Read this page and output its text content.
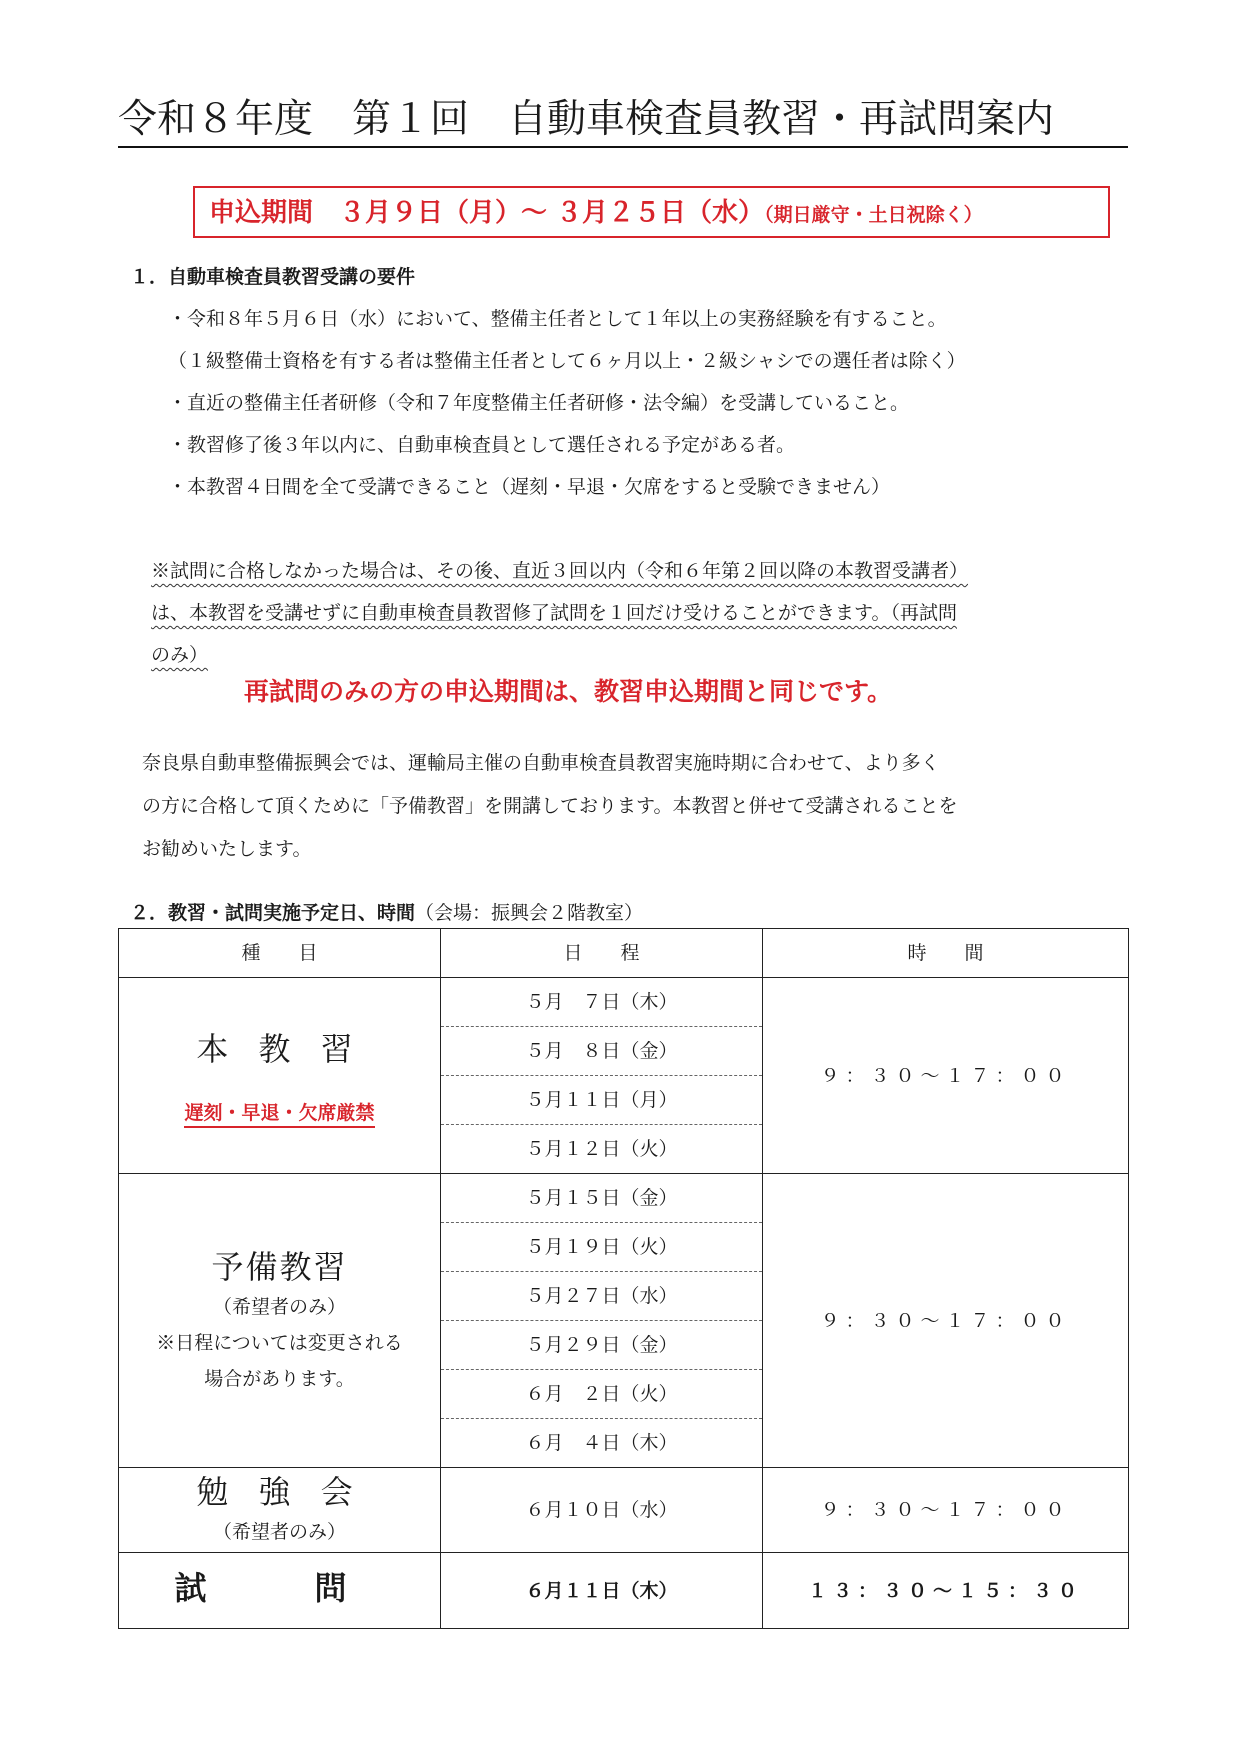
令和８年度　第１回　自動車検査員教習・再試問案内
申込期間　３月９日（月）～ ３月２５日（水）（期日厳守・土日祝除く）
１．自動車検査員教習受講の要件
・令和８年５月６日（水）において、整備主任者として１年以上の実務経験を有すること。
（１級整備士資格を有する者は整備主任者として６ヶ月以上・２級シャシでの選任者は除く）
・直近の整備主任者研修（令和７年度整備主任者研修・法令編）を受講していること。
・教習修了後３年以内に、自動車検査員として選任される予定がある者。
・本教習４日間を全て受講できること（遅刻・早退・欠席をすると受験できません）
※試問に合格しなかった場合は、その後、直近３回以内（令和６年第２回以降の本教習受講者）
は、本教習を受講せずに自動車検査員教習修了試問を１回だけ受けることができます。（再試問
のみ）
再試問のみの方の申込期間は、教習申込期間と同じです。
奈良県自動車整備振興会では、運輸局主催の自動車検査員教習実施時期に合わせて、より多く
の方に合格して頂くために「予備教習」を開講しております。本教習と併せて受講されることを
お勧めいたします。
２．教習・試問実施予定日、時間（会場：振興会２階教室）
種　　目	日　　程	時　　間

本 教 習
遅刻・早退・欠席厳禁	５月　７日（木）	９：３０～１７：００
	５月　８日（金）	
	５月１１日（月）	
	５月１２日（火）	

予備教習
（希望者のみ）
※日程については変更される
場合があります。	５月１５日（金）	９：３０～１７：００
	５月１９日（火）	
	５月２７日（水）	
	５月２９日（金）	
	６月　２日（火）	
	６月　４日（木）	

勉 強 会
（希望者のみ）	６月１０日（水）	９：３０～１７：００
試　問	６月１１日（木）	１３：３０～１５：３０
